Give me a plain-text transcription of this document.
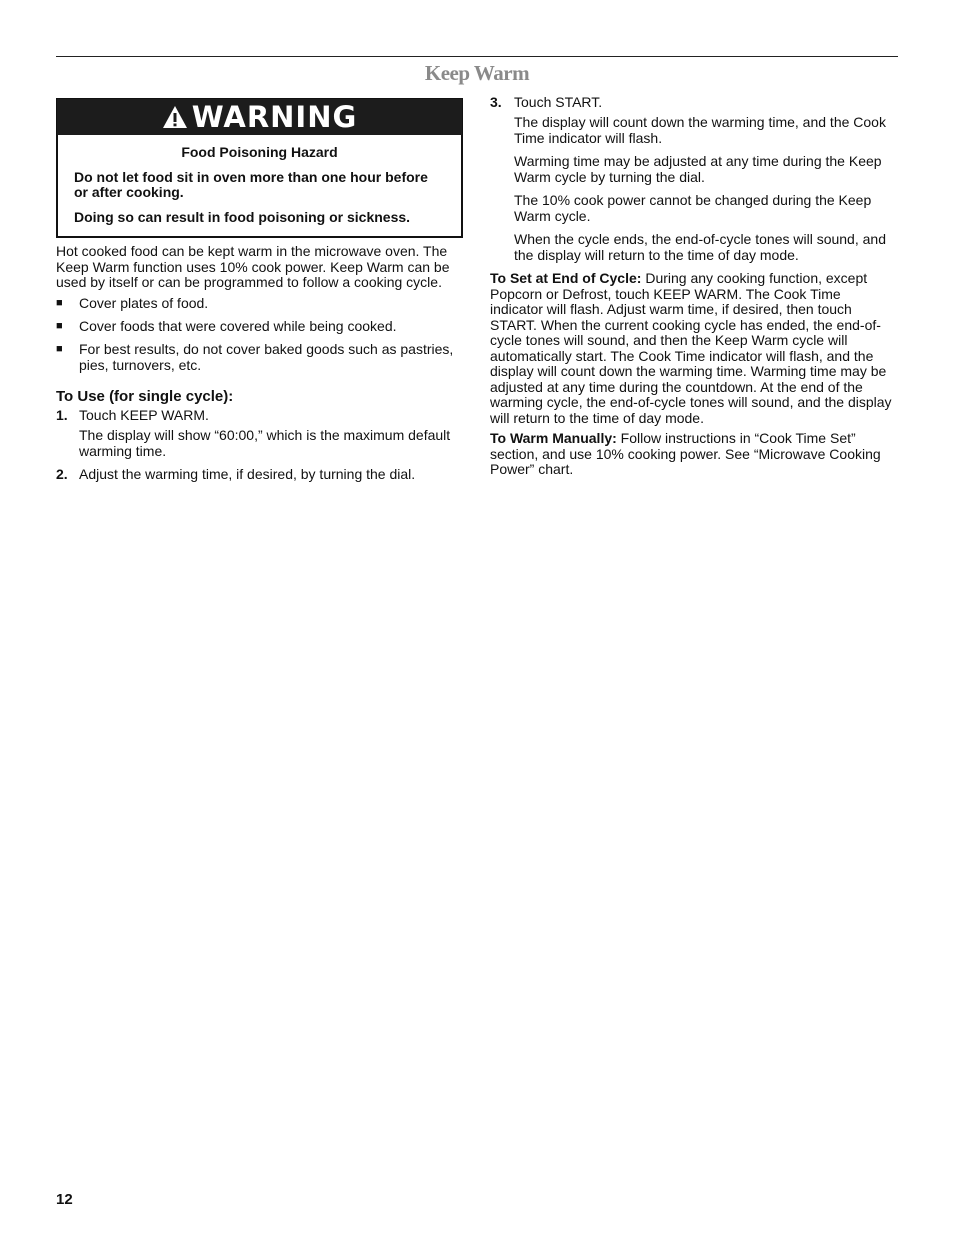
Keep Warm
WARNING

Food Poisoning Hazard

Do not let food sit in oven more than one hour before or after cooking.

Doing so can result in food poisoning or sickness.

Hot cooked food can be kept warm in the microwave oven. The Keep Warm function uses 10% cook power. Keep Warm can be used by itself or can be programmed to follow a cooking cycle.

■	Cover plates of food.
■	Cover foods that were covered while being cooked.
■	For best results, do not cover baked goods such as pastries, pies, turnovers, etc.

To Use (for single cycle):

1. Touch KEEP WARM.

The display will show “60:00,” which is the maximum default warming time.

2. Adjust the warming time, if desired, by turning the dial.

3. Touch START.

The display will count down the warming time, and the Cook Time indicator will flash.

Warming time may be adjusted at any time during the Keep Warm cycle by turning the dial.

The 10% cook power cannot be changed during the Keep Warm cycle.

When the cycle ends, the end-of-cycle tones will sound, and the display will return to the time of day mode.

To Set at End of Cycle: During any cooking function, except Popcorn or Defrost, touch KEEP WARM. The Cook Time indicator will flash. Adjust warm time, if desired, then touch START. When the current cooking cycle has ended, the end-of-cycle tones will sound, and then the Keep Warm cycle will automatically start. The Cook Time indicator will flash, and the display will count down the warming time. Warming time may be adjusted at any time during the countdown. At the end of the warming cycle, the end-of-cycle tones will sound, and the display will return to the time of day mode.

To Warm Manually: Follow instructions in “Cook Time Set” section, and use 10% cooking power. See “Microwave Cooking Power” chart.

12
